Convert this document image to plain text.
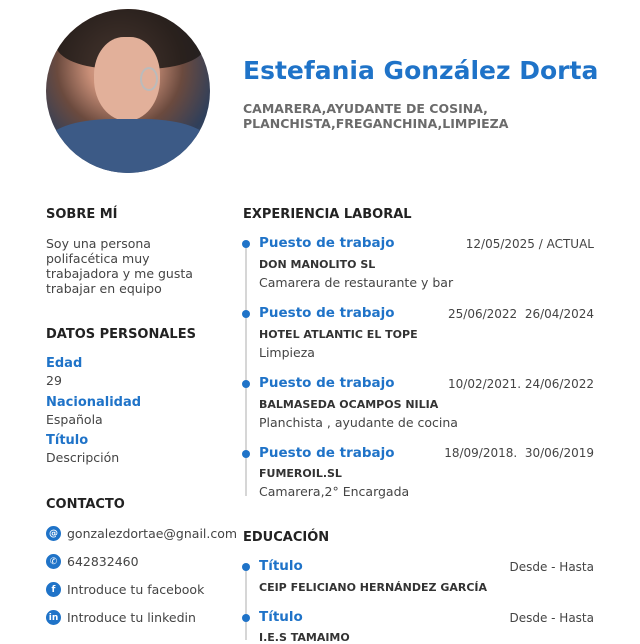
Estefania González Dorta
CAMARERA,AYUDANTE DE COSINA, PLANCHISTA,FREGANCHINA,LIMPIEZA
SOBRE MÍ
Soy una persona polifacética muy trabajadora y me gusta trabajar en equipo
DATOS PERSONALES
Edad
29
Nacionalidad
Española
Título
Descripción
CONTACTO
@ gonzalezdortae@gnail.com
✆ 642832460
f Introduce tu facebook
in Introduce tu linkedin
EXPERIENCIA LABORAL
Puesto de trabajo	12/05/2025 / ACTUAL
DON MANOLITO SL
Camarera de restaurante y bar
Puesto de trabajo	25/06/2022  26/04/2024
HOTEL ATLANTIC EL TOPE
Limpieza
Puesto de trabajo	10/02/2021. 24/06/2022
BALMASEDA OCAMPOS NILIA
Planchista , ayudante de cocina
Puesto de trabajo	18/09/2018.  30/06/2019
FUMEROIL.SL
Camarera,2° Encargada
EDUCACIÓN
Título	Desde - Hasta
CEIP FELICIANO HERNÁNDEZ GARCÍA
Título	Desde - Hasta
I.E.S TAMAIMO
